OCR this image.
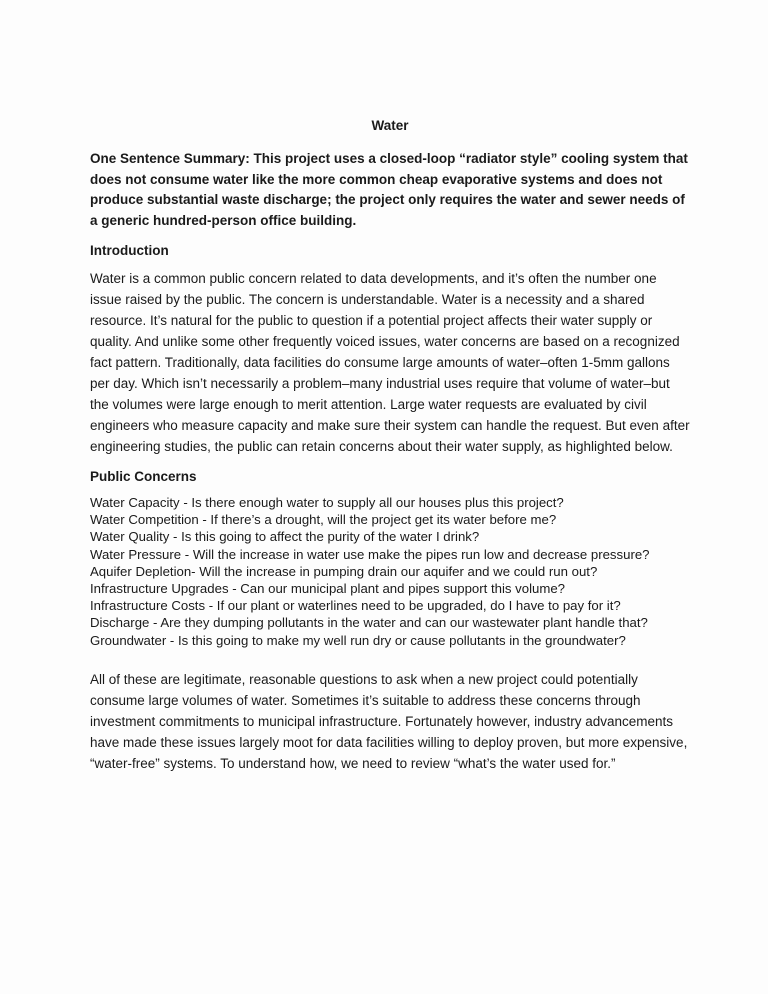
Water

One Sentence Summary: This project uses a closed-loop “radiator style” cooling system that does not consume water like the more common cheap evaporative systems and does not produce substantial waste discharge; the project only requires the water and sewer needs of a generic hundred-person office building.

Introduction

Water is a common public concern related to data developments, and it’s often the number one issue raised by the public. The concern is understandable. Water is a necessity and a shared resource. It’s natural for the public to question if a potential project affects their water supply or quality. And unlike some other frequently voiced issues, water concerns are based on a recognized fact pattern. Traditionally, data facilities do consume large amounts of water–often 1-5mm gallons per day. Which isn’t necessarily a problem–many industrial uses require that volume of water–but the volumes were large enough to merit attention. Large water requests are evaluated by civil engineers who measure capacity and make sure their system can handle the request. But even after engineering studies, the public can retain concerns about their water supply, as highlighted below.

Public Concerns
Water Capacity - Is there enough water to supply all our houses plus this project?
Water Competition - If there’s a drought, will the project get its water before me?
Water Quality - Is this going to affect the purity of the water I drink?
Water Pressure - Will the increase in water use make the pipes run low and decrease pressure?
Aquifer Depletion- Will the increase in pumping drain our aquifer and we could run out?
Infrastructure Upgrades - Can our municipal plant and pipes support this volume?
Infrastructure Costs - If our plant or waterlines need to be upgraded, do I have to pay for it?
Discharge - Are they dumping pollutants in the water and can our wastewater plant handle that?
Groundwater - Is this going to make my well run dry or cause pollutants in the groundwater?

All of these are legitimate, reasonable questions to ask when a new project could potentially consume large volumes of water. Sometimes it’s suitable to address these concerns through investment commitments to municipal infrastructure. Fortunately however, industry advancements have made these issues largely moot for data facilities willing to deploy proven, but more expensive, “water-free” systems. To understand how, we need to review “what’s the water used for.”
